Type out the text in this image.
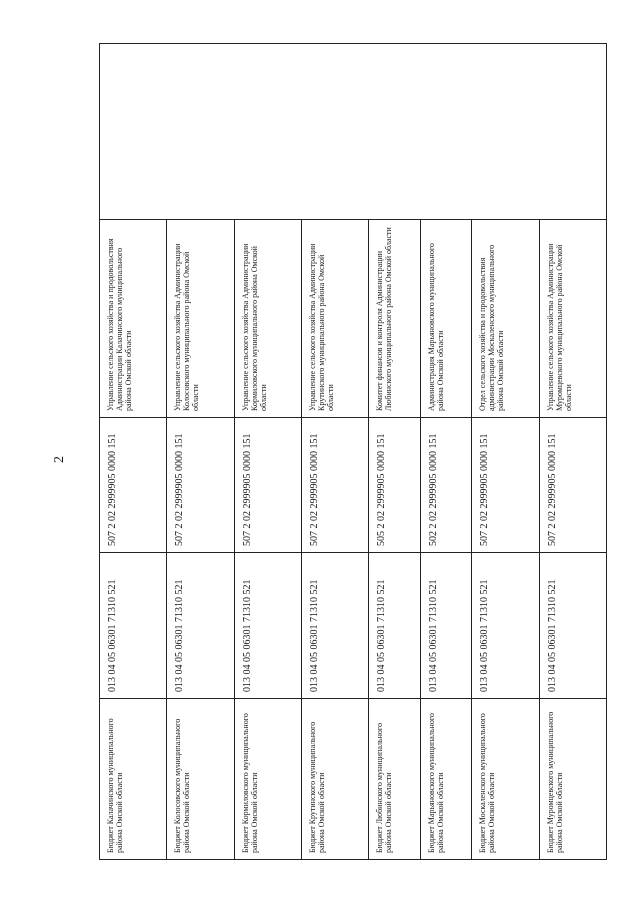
2
Бюджет Калачинского муниципального района Омской области	013 04 05 06301 71310 521	507 2 02 2999905 0000 151	Управление сельского хозяйства и продовольствия Администрации Калачинского муниципального района Омской области
Бюджет Колосовского муниципального района Омской области	013 04 05 06301 71310 521	507 2 02 2999905 0000 151	Управление сельского хозяйства Администрации Колосовского муниципального района Омской области
Бюджет Кормиловского муниципального района Омской области	013 04 05 06301 71310 521	507 2 02 2999905 0000 151	Управление сельского хозяйства Администрации Кормиловского муниципального района Омской области
Бюджет Крутинского муниципального района Омской области	013 04 05 06301 71310 521	507 2 02 2999905 0000 151	Управление сельского хозяйства Администрации Крутинского муниципального района Омской области
Бюджет Любинского муниципального района Омской области	013 04 05 06301 71310 521	505 2 02 2999905 0000 151	Комитет финансов и контроля Администрации Любинского муниципального района Омской области
Бюджет Марьяновского муниципального района Омской области	013 04 05 06301 71310 521	502 2 02 2999905 0000 151	Администрация Марьяновского муниципального района Омской области
Бюджет Москаленского муниципального района Омской области	013 04 05 06301 71310 521	507 2 02 2999905 0000 151	Отдел сельского хозяйства и продовольствия администрации Москаленского муниципального района Омской области
Бюджет Муромцевского муниципального района Омской области	013 04 05 06301 71310 521	507 2 02 2999905 0000 151	Управление сельского хозяйства Администрации Муромцевского муниципального района Омской области
